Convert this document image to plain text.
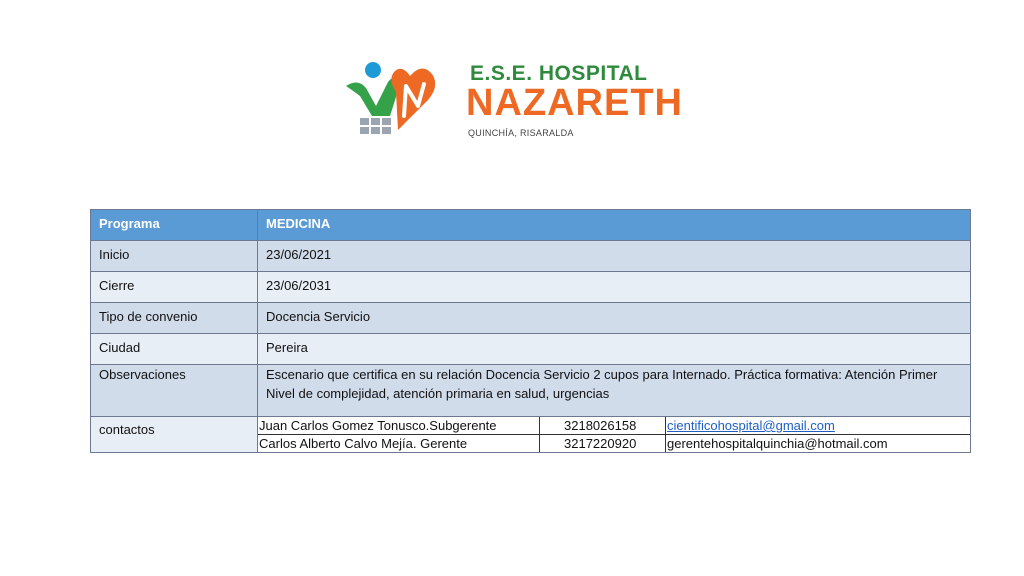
E.S.E. HOSPITAL
NAZARETH
QUINCHÍA, RISARALDA
Programa	MEDICINA
Inicio	23/06/2021
Cierre	23/06/2031
Tipo de convenio	Docencia Servicio
Ciudad	Pereira
Observaciones	Escenario que certifica en su relación Docencia Servicio 2 cupos para Internado. Práctica formativa: Atención Primer Nivel de complejidad, atención primaria en salud, urgencias
contactos		Juan Carlos Gomez Tonusco.Subgerente	3218026158	cientificohospital@gmail.com
Carlos Alberto Calvo Mejía. Gerente	3217220920	gerentehospitalquinchia@hotmail.com
